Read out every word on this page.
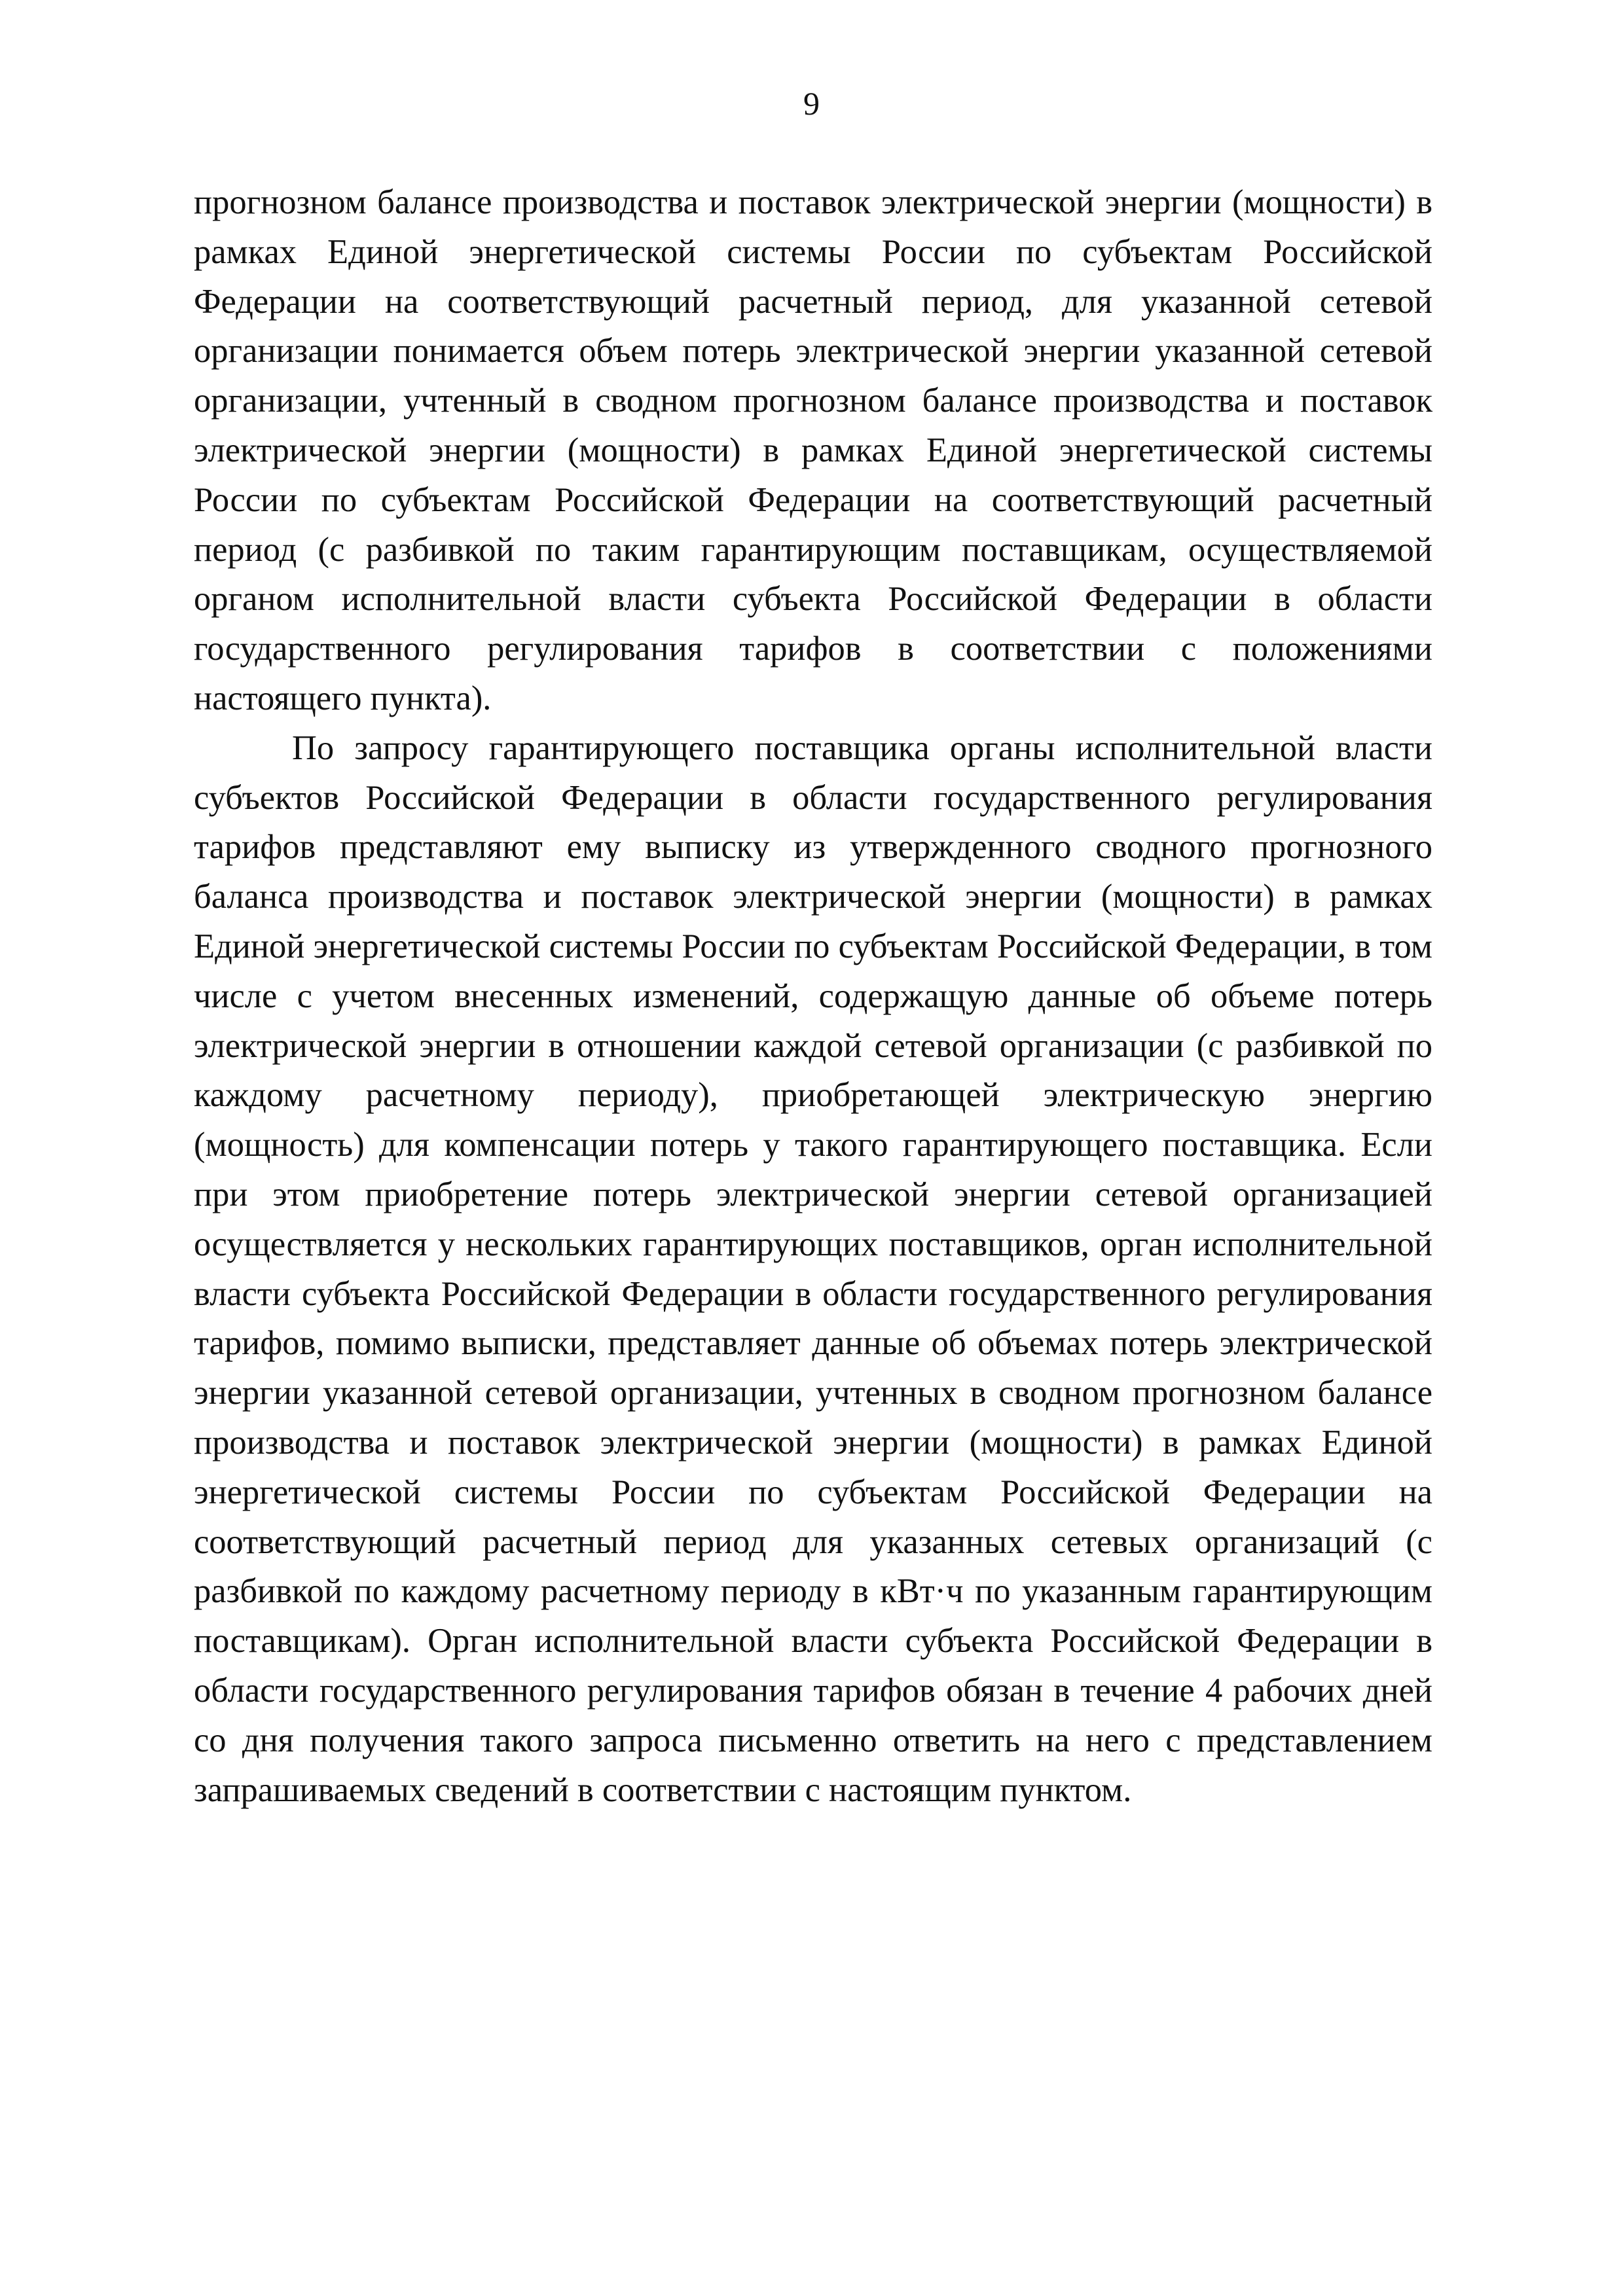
9

прогнозном балансе производства и поставок электрической энергии (мощности) в рамках Единой энергетической системы России по субъектам Российской Федерации на соответствующий расчетный период, для указанной сетевой организации понимается объем потерь электрической энергии указанной сетевой организации, учтенный в сводном прогнозном балансе производства и поставок электрической энергии (мощности) в рамках Единой энергетической системы России по субъектам Российской Федерации на соответствующий расчетный период (с разбивкой по таким гарантирующим поставщикам, осуществляемой органом исполнительной власти субъекта Российской Федерации в области государственного регулирования тарифов в соответствии с положениями настоящего пункта).

По запросу гарантирующего поставщика органы исполнительной власти субъектов Российской Федерации в области государственного регулирования тарифов представляют ему выписку из утвержденного сводного прогнозного баланса производства и поставок электрической энергии (мощности) в рамках Единой энергетической системы России по субъектам Российской Федерации, в том числе с учетом внесенных изменений, содержащую данные об объеме потерь электрической энергии в отношении каждой сетевой организации (с разбивкой по каждому расчетному периоду), приобретающей электрическую энергию (мощность) для компенсации потерь у такого гарантирующего поставщика. Если при этом приобретение потерь электрической энергии сетевой организацией осуществляется у нескольких гарантирующих поставщиков, орган исполнительной власти субъекта Российской Федерации в области государственного регулирования тарифов, помимо выписки, представляет данные об объемах потерь электрической энергии указанной сетевой организации, учтенных в сводном прогнозном балансе производства и поставок электрической энергии (мощности) в рамках Единой энергетической системы России по субъектам Российской Федерации на соответствующий расчетный период для указанных сетевых организаций (с разбивкой по каждому расчетному периоду в кВт·ч по указанным гарантирующим поставщикам). Орган исполнительной власти субъекта Российской Федерации в области государственного регулирования тарифов обязан в течение 4 рабочих дней со дня получения такого запроса письменно ответить на него с представлением запрашиваемых сведений в соответствии с настоящим пунктом.
